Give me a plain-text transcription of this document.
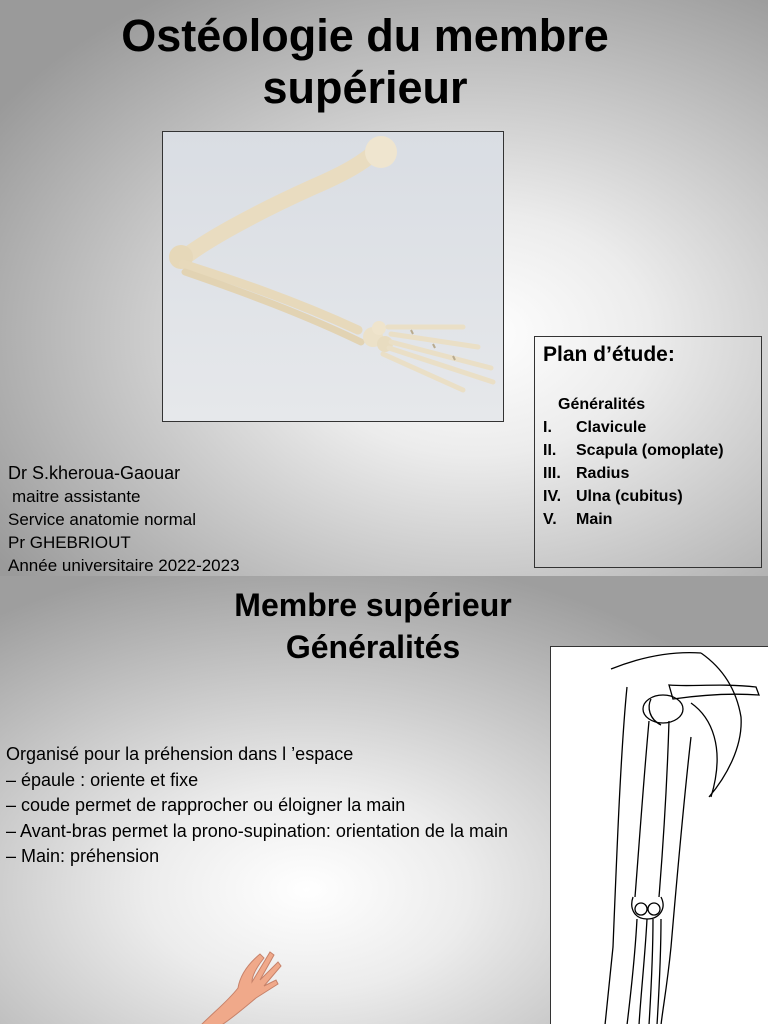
Ostéologie du membre supérieur
Dr S.kheroua-Gaouar
maitre assistante
Service anatomie normal
Pr GHEBRIOUT
Année universitaire 2022-2023
Plan d’étude:
Généralités
I.	Clavicule
II.	Scapula (omoplate)
III. Radius
IV. Ulna (cubitus)
V.	Main
Membre supérieur
Généralités
Organisé pour la préhension dans l ’espace
– épaule : oriente et fixe
– coude permet de rapprocher ou éloigner la main
– Avant-bras permet la prono-supination: orientation de la main
– Main: préhension
